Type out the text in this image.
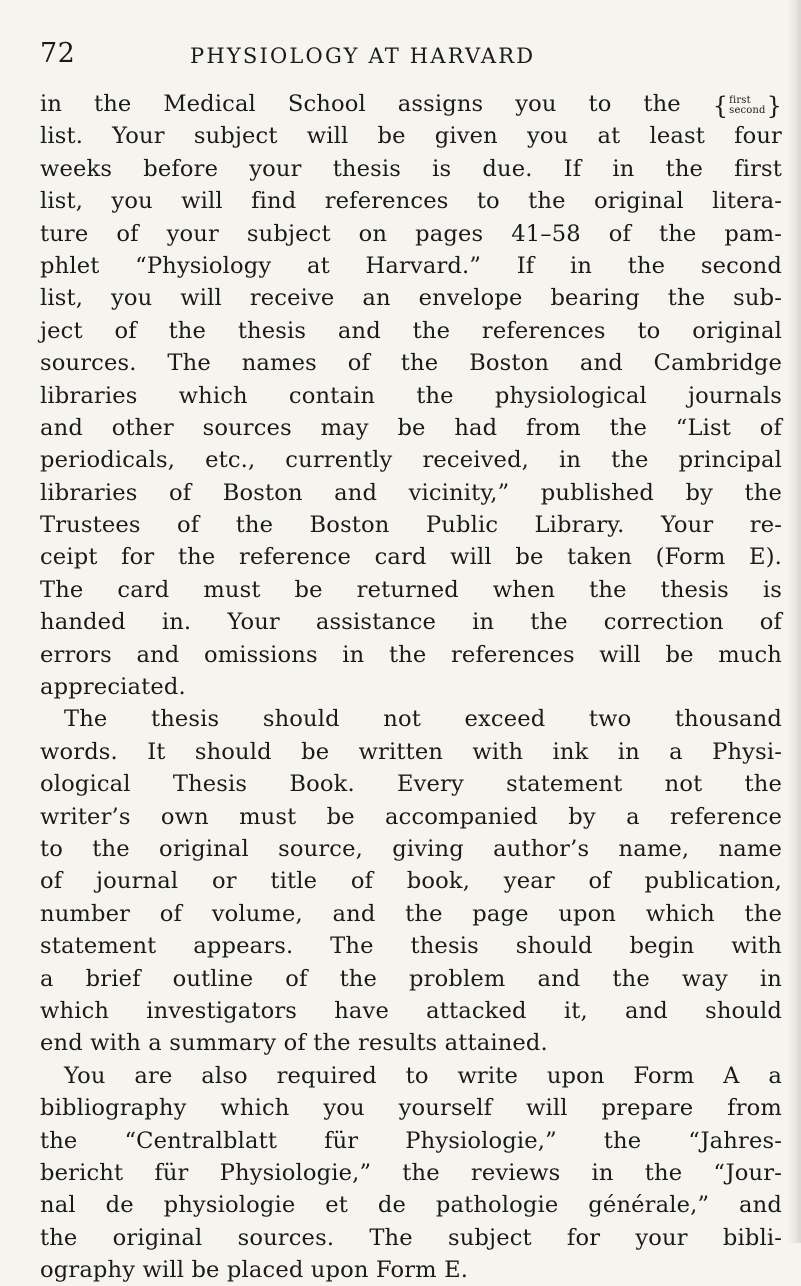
72	PHYSIOLOGY AT HARVARD
in the Medical School assigns you to the { first
second }
list. Your subject will be given you at least four
weeks before your thesis is due. If in the first
list, you will find references to the original litera-
ture of your subject on pages 41–58 of the pam-
phlet “Physiology at Harvard.” If in the second
list, you will receive an envelope bearing the sub-
ject of the thesis and the references to original
sources. The names of the Boston and Cambridge
libraries which contain the physiological journals
and other sources may be had from the “List of
periodicals, etc., currently received, in the principal
libraries of Boston and vicinity,” published by the
Trustees of the Boston Public Library. Your re-
ceipt for the reference card will be taken (Form E).
The card must be returned when the thesis is
handed in. Your assistance in the correction of
errors and omissions in the references will be much
appreciated.
The thesis should not exceed two thousand
words. It should be written with ink in a Physi-
ological Thesis Book. Every statement not the
writer’s own must be accompanied by a reference
to the original source, giving author’s name, name
of journal or title of book, year of publication,
number of volume, and the page upon which the
statement appears. The thesis should begin with
a brief outline of the problem and the way in
which investigators have attacked it, and should
end with a summary of the results attained.
You are also required to write upon Form A a
bibliography which you yourself will prepare from
the “Centralblatt für Physiologie,” the “Jahres-
bericht für Physiologie,” the reviews in the “Jour-
nal de physiologie et de pathologie générale,” and
the original sources. The subject for your bibli-
ography will be placed upon Form E.
